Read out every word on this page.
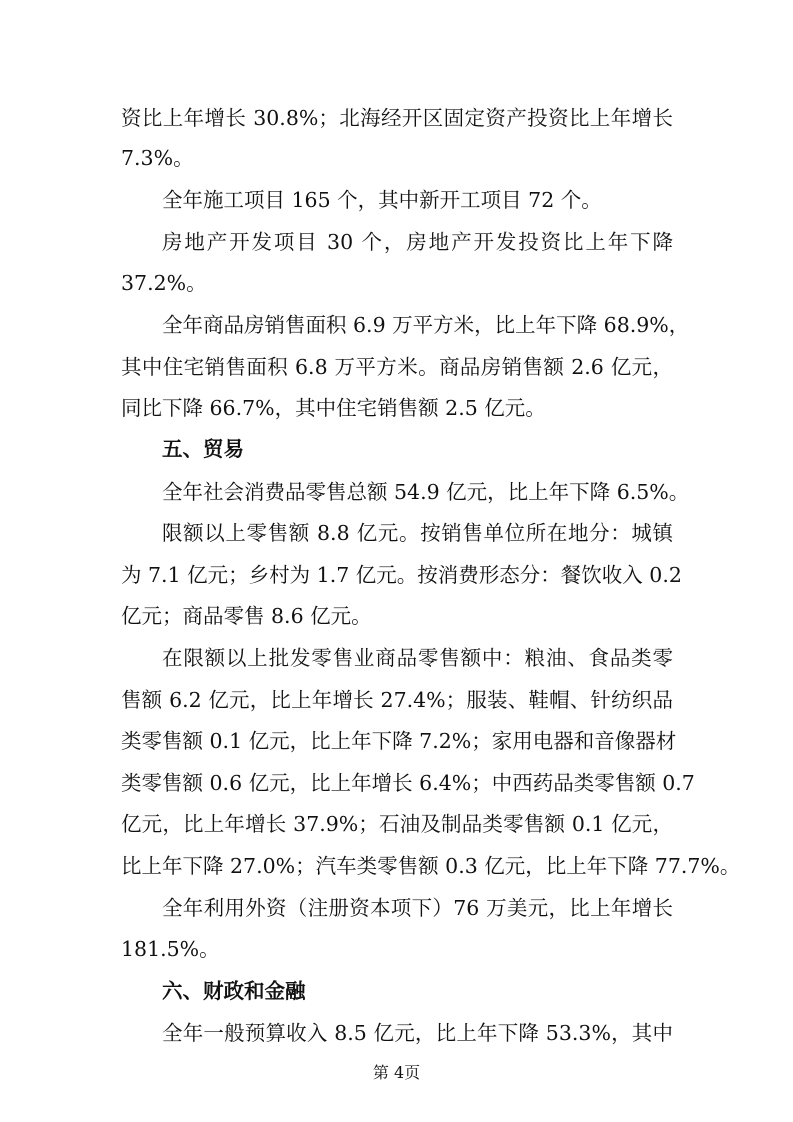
资比上年增长 30.8%；北海经开区固定资产投资比上年增长
7.3%。
全年施工项目 165 个，其中新开工项目 72 个。
房地产开发项目 30 个，房地产开发投资比上年下降
37.2%。
全年商品房销售面积 6.9 万平方米，比上年下降 68.9%，
其中住宅销售面积 6.8 万平方米。商品房销售额 2.6 亿元，
同比下降 66.7%，其中住宅销售额 2.5 亿元。
五、贸易
全年社会消费品零售总额 54.9 亿元，比上年下降 6.5%。
限额以上零售额 8.8 亿元。按销售单位所在地分：城镇
为 7.1 亿元；乡村为 1.7 亿元。按消费形态分：餐饮收入 0.2
亿元；商品零售 8.6 亿元。
在限额以上批发零售业商品零售额中：粮油、食品类零
售额 6.2 亿元，比上年增长 27.4%；服装、鞋帽、针纺织品
类零售额 0.1 亿元，比上年下降 7.2%；家用电器和音像器材
类零售额 0.6 亿元，比上年增长 6.4%；中西药品类零售额 0.7
亿元，比上年增长 37.9%；石油及制品类零售额 0.1 亿元，
比上年下降 27.0%；汽车类零售额 0.3 亿元，比上年下降 77.7%。
全年利用外资（注册资本项下）76 万美元，比上年增长
181.5%。
六、财政和金融
全年一般预算收入 8.5 亿元，比上年下降 53.3%，其中
第 4页
